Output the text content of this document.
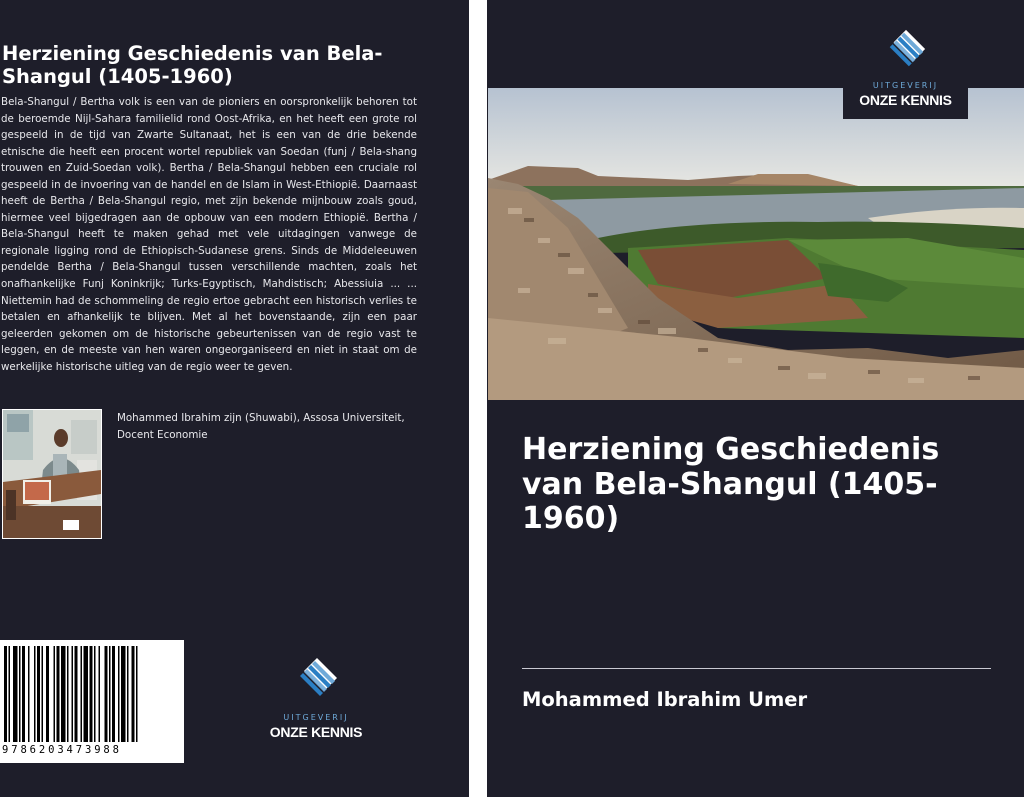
Herziening Geschiedenis van Bela-Shangul (1405-1960)

Bela-Shangul / Bertha volk is een van de pioniers en oorspronkelijk behoren tot de beroemde Nijl-Sahara familielid rond Oost-Afrika, en het heeft een grote rol gespeeld in de tijd van Zwarte Sultanaat, het is een van de drie bekende etnische die heeft een procent wortel republiek van Soedan (funj / Bela-shang trouwen en Zuid-Soedan volk). Bertha / Bela-Shangul hebben een cruciale rol gespeeld in de invoering van de handel en de Islam in West-Ethiopië. Daarnaast heeft de Bertha / Bela-Shangul regio, met zijn bekende mijnbouw zoals goud, hiermee veel bijgedragen aan de opbouw van een modern Ethiopië. Bertha / Bela-Shangul heeft te maken gehad met vele uitdagingen vanwege de regionale ligging rond de Ethiopisch-Sudanese grens. Sinds de Middeleeuwen pendelde Bertha / Bela-Shangul tussen verschillende machten, zoals het onafhankelijke Funj Koninkrijk; Turks-Egyptisch, Mahdistisch; Abessiuia ... ... Niettemin had de schommeling de regio ertoe gebracht een historisch verlies te betalen en afhankelijk te blijven. Met al het bovenstaande, zijn een paar geleerden gekomen om de historische gebeurtenissen van de regio vast te leggen, en de meeste van hen waren ongeorganiseerd en niet in staat om de werkelijke historische uitleg van de regio weer te geven.

Mohammed Ibrahim zijn (Shuwabi), Assosa Universiteit, Docent Economie
9786203473988
UITGEVERIJ
ONZE KENNIS
UITGEVERIJ
ONZE KENNIS
Herziening Geschiedenis van Bela-Shangul (1405-1960)
Mohammed Ibrahim Umer
